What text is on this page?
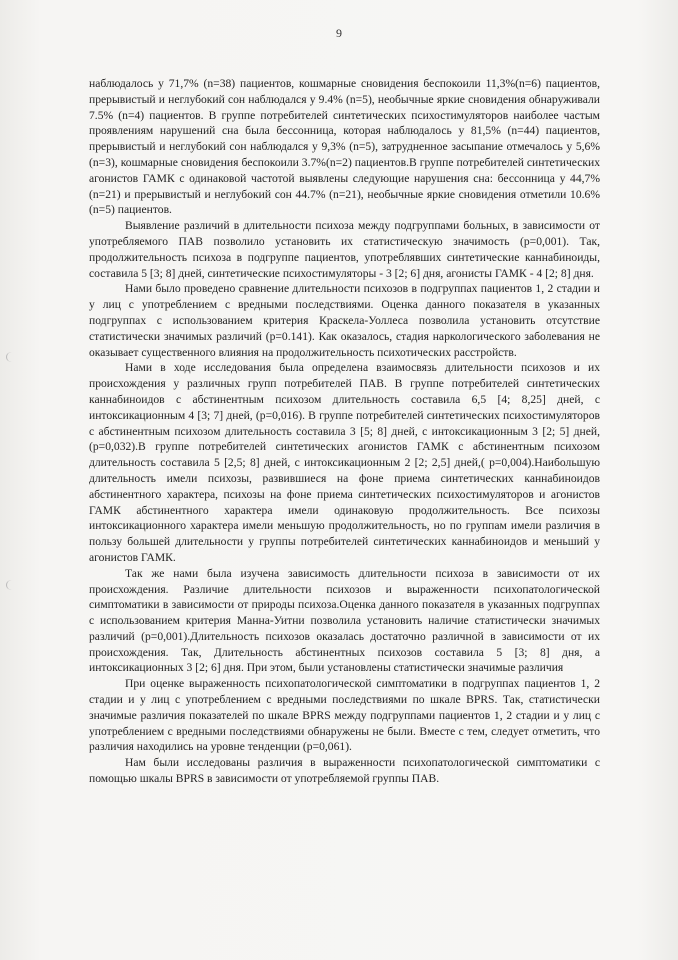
9

наблюдалось у 71,7% (n=38) пациентов, кошмарные сновидения беспокоили 11,3%(n=6) пациентов, прерывистый и неглубокий сон наблюдался у 9.4% (n=5), необычные яркие сновидения обнаруживали 7.5% (n=4) пациентов. В группе потребителей синтетических психостимуляторов наиболее частым проявлениям нарушений сна была бессонница, которая наблюдалось у 81,5% (n=44) пациентов, прерывистый и неглубокий сон наблюдался у 9,3% (n=5), затрудненное засыпание отмечалось у 5,6% (n=3), кошмарные сновидения беспокоили 3.7%(n=2) пациентов.В группе потребителей синтетических агонистов ГАМК с одинаковой частотой выявлены следующие нарушения сна: бессонница у 44,7% (n=21) и прерывистый и неглубокий сон 44.7% (n=21), необычные яркие сновидения отметили 10.6% (n=5) пациентов.

Выявление различий в длительности психоза между подгруппами больных, в зависимости от употребляемого ПАВ позволило установить их статистическую значимость (p=0,001). Так, продолжительность психоза в подгруппе пациентов, употреблявших синтетические каннабиноиды, составила 5 [3; 8] дней, синтетические психостимуляторы - 3 [2; 6] дня, агонисты ГАМК - 4 [2; 8] дня.

Нами было проведено сравнение длительности психозов в подгруппах пациентов 1, 2 стадии и у лиц с употреблением с вредными последствиями. Оценка данного показателя в указанных подгруппах с использованием критерия Краскела-Уоллеса позволила установить отсутствие статистически значимых различий (p=0.141). Как оказалось, стадия наркологического заболевания не оказывает существенного влияния на продолжительность психотических расстройств.

Нами в ходе исследования была определена взаимосвязь длительности психозов и их происхождения у различных групп потребителей ПАВ. В группе потребителей синтетических каннабиноидов с абстинентным психозом длительность составила 6,5 [4; 8,25] дней, с интоксикационным 4 [3; 7] дней, (p=0,016). В группе потребителей синтетических психостимуляторов с абстинентным психозом длительность составила 3 [5; 8] дней, с интоксикационным 3 [2; 5] дней, (p=0,032).В группе потребителей синтетических агонистов ГАМК с абстинентным психозом длительность составила 5 [2,5; 8] дней, с интоксикационным 2 [2; 2,5] дней,( p=0,004).Наибольшую длительность имели психозы, развившиеся на фоне приема синтетических каннабиноидов абстинентного характера, психозы на фоне приема синтетических психостимуляторов и агонистов ГАМК абстинентного характера имели одинаковую продолжительность. Все психозы интоксикационного характера имели меньшую продолжительность, но по группам имели различия в пользу большей длительности у группы потребителей синтетических каннабиноидов и меньший у агонистов ГАМК.

Так же нами была изучена зависимость длительности психоза в зависимости от их происхождения. Различие длительности психозов и выраженности психопатологической симптоматики в зависимости от природы психоза.Оценка данного показателя в указанных подгруппах с использованием критерия Манна-Уитни позволила установить наличие статистически значимых различий (p=0,001).Длительность психозов оказалась достаточно различной в зависимости от их происхождения. Так, Длительность абстинентных психозов составила 5 [3; 8] дня, а интоксикационных 3 [2; 6] дня. При этом, были установлены статистически значимые различия

При оценке выраженность психопатологической симптоматики в подгруппах пациентов 1, 2 стадии и у лиц с употреблением с вредными последствиями по шкале BPRS. Так, статистически значимые различия показателей по шкале BPRS между подгруппами пациентов 1, 2 стадии и у лиц с употреблением с вредными последствиями обнаружены не были. Вместе с тем, следует отметить, что различия находились на уровне тенденции (p=0,061).

Нам были исследованы различия в выраженности психопатологической симптоматики с помощью шкалы BPRS в зависимости от употребляемой группы ПАВ.
